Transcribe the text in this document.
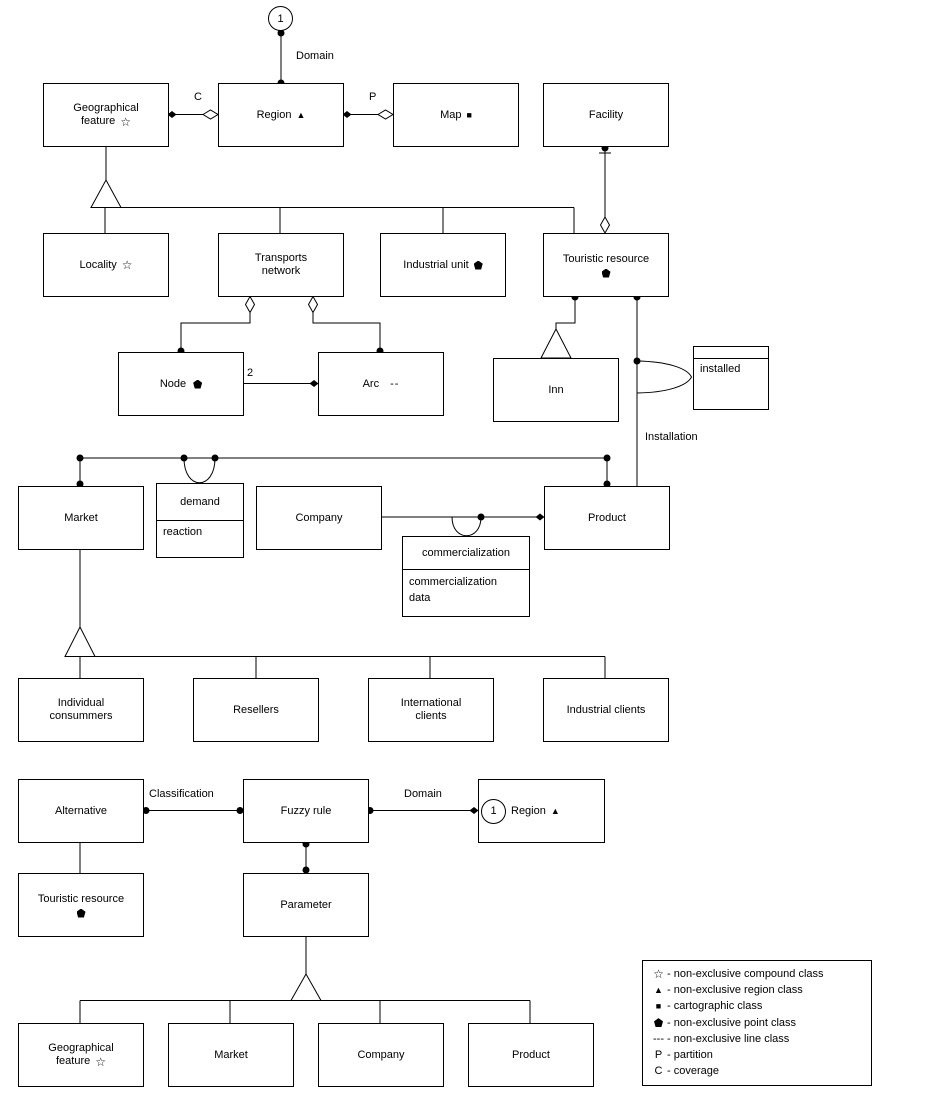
1
Domain
C	P
2
Installation
Classification	Domain
Geographical
feature ☆	Region ▲	Map ■	Facility
Locality ☆	Transports
network
Industrial unit	Touristic resource
Node	Arc --	Inn
installed
Market
demand
reaction
Company	Product
commercialization
commercialization data
Individual
consummers
Resellers
International
clients
Industrial clients
Alternative	Fuzzy rule	1 Region ▲
Touristic resource	Parameter
Geographical
feature ☆	Market	Company	Product
☆ - non-exclusive compound class
▲ - non-exclusive region class
■ - cartographic class
- non-exclusive point class
--- - non-exclusive line class
P - partition
C - coverage
